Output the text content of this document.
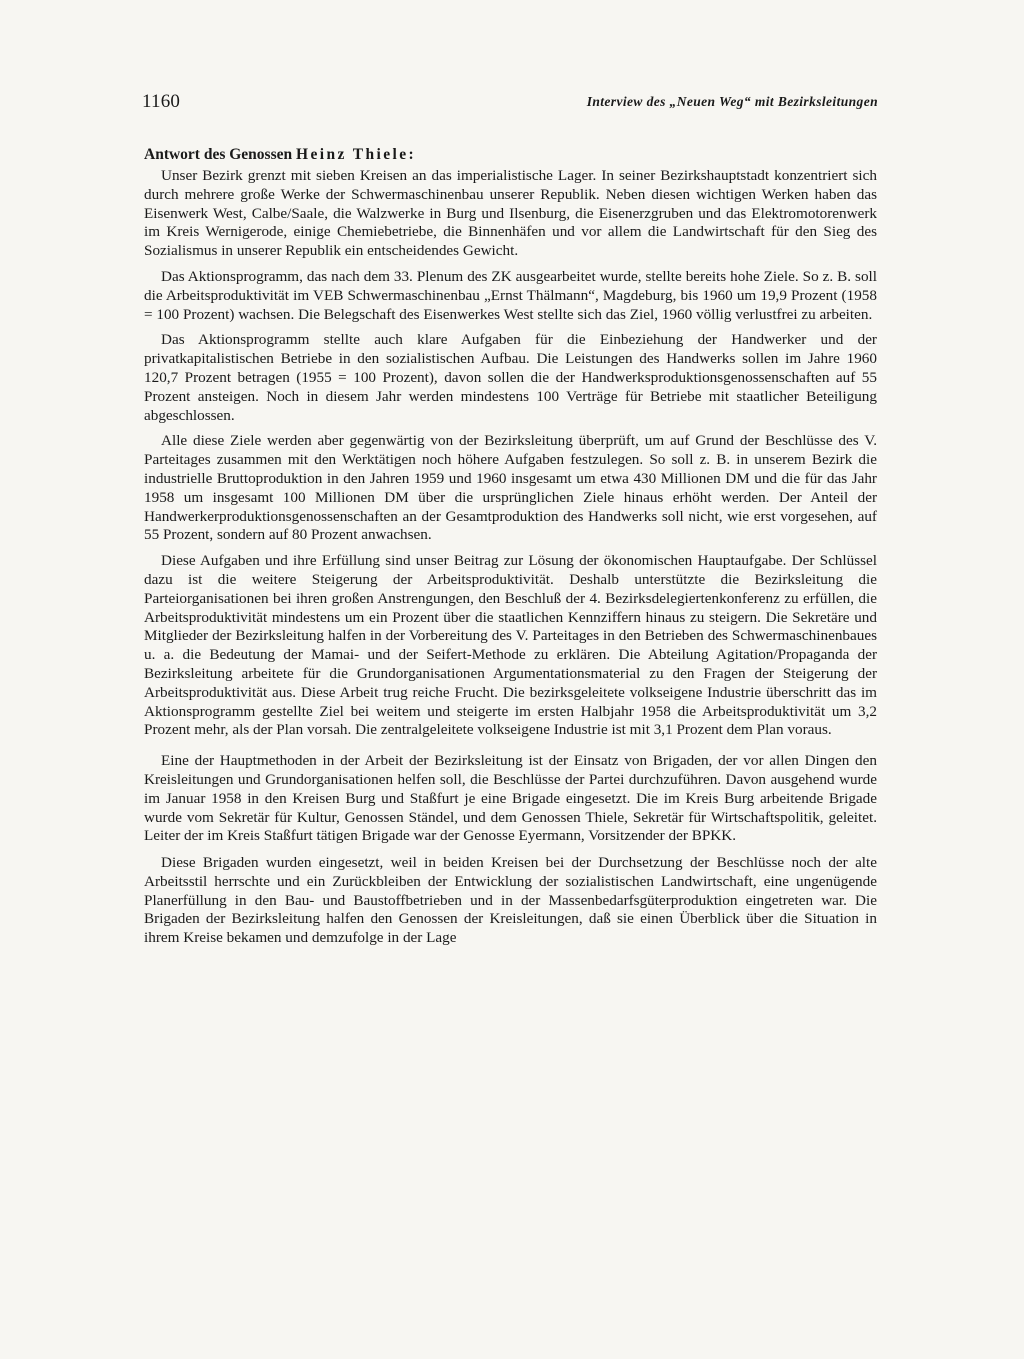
1160	Interview des „Neuen Weg“ mit Bezirksleitungen
Antwort des Genossen Heinz Thiele:

Unser Bezirk grenzt mit sieben Kreisen an das imperialistische Lager. In seiner Bezirkshauptstadt konzentriert sich durch mehrere große Werke der Schwermaschinenbau unserer Republik. Neben diesen wichtigen Werken haben das Eisenwerk West, Calbe/Saale, die Walzwerke in Burg und Ilsenburg, die Eisenerzgruben und das Elektromotorenwerk im Kreis Wernigerode, einige Chemiebetriebe, die Binnenhäfen und vor allem die Landwirtschaft für den Sieg des Sozialismus in unserer Republik ein entscheidendes Gewicht.

Das Aktionsprogramm, das nach dem 33. Plenum des ZK ausgearbeitet wurde, stellte bereits hohe Ziele. So z. B. soll die Arbeitsproduktivität im VEB Schwermaschinenbau „Ernst Thälmann“, Magdeburg, bis 1960 um 19,9 Prozent (1958 = 100 Prozent) wachsen. Die Belegschaft des Eisenwerkes West stellte sich das Ziel, 1960 völlig verlustfrei zu arbeiten.

Das Aktionsprogramm stellte auch klare Aufgaben für die Einbeziehung der Handwerker und der privatkapitalistischen Betriebe in den sozialistischen Aufbau. Die Leistungen des Handwerks sollen im Jahre 1960 120,7 Prozent betragen (1955 = 100 Prozent), davon sollen die der Handwerksproduktionsgenossenschaften auf 55 Prozent ansteigen. Noch in diesem Jahr werden mindestens 100 Verträge für Betriebe mit staatlicher Beteiligung abgeschlossen.

Alle diese Ziele werden aber gegenwärtig von der Bezirksleitung überprüft, um auf Grund der Beschlüsse des V. Parteitages zusammen mit den Werktätigen noch höhere Aufgaben festzulegen. So soll z. B. in unserem Bezirk die industrielle Bruttoproduktion in den Jahren 1959 und 1960 insgesamt um etwa 430 Millionen DM und die für das Jahr 1958 um insgesamt 100 Millionen DM über die ursprünglichen Ziele hinaus erhöht werden. Der Anteil der Handwerkerproduktionsgenossenschaften an der Gesamtproduktion des Handwerks soll nicht, wie erst vorgesehen, auf 55 Prozent, sondern auf 80 Prozent anwachsen.

Diese Aufgaben und ihre Erfüllung sind unser Beitrag zur Lösung der ökonomischen Hauptaufgabe. Der Schlüssel dazu ist die weitere Steigerung der Arbeitsproduktivität. Deshalb unterstützte die Bezirksleitung die Parteiorganisationen bei ihren großen Anstrengungen, den Beschluß der 4. Bezirksdelegiertenkonferenz zu erfüllen, die Arbeitsproduktivität mindestens um ein Prozent über die staatlichen Kennziffern hinaus zu steigern. Die Sekretäre und Mitglieder der Bezirksleitung halfen in der Vorbereitung des V. Parteitages in den Betrieben des Schwermaschinenbaues u. a. die Bedeutung der Mamai- und der Seifert-Methode zu erklären. Die Abteilung Agitation/Propaganda der Bezirksleitung arbeitete für die Grundorganisationen Argumentationsmaterial zu den Fragen der Steigerung der Arbeitsproduktivität aus. Diese Arbeit trug reiche Frucht. Die bezirksgeleitete volkseigene Industrie überschritt das im Aktionsprogramm gestellte Ziel bei weitem und steigerte im ersten Halbjahr 1958 die Arbeitsproduktivität um 3,2 Prozent mehr, als der Plan vorsah. Die zentralgeleitete volkseigene Industrie ist mit 3,1 Prozent dem Plan voraus.

Eine der Hauptmethoden in der Arbeit der Bezirksleitung ist der Einsatz von Brigaden, der vor allen Dingen den Kreisleitungen und Grundorganisationen helfen soll, die Beschlüsse der Partei durchzuführen. Davon ausgehend wurde im Januar 1958 in den Kreisen Burg und Staßfurt je eine Brigade eingesetzt. Die im Kreis Burg arbeitende Brigade wurde vom Sekretär für Kultur, Genossen Ständel, und dem Genossen Thiele, Sekretär für Wirtschaftspolitik, geleitet. Leiter der im Kreis Staßfurt tätigen Brigade war der Genosse Eyermann, Vorsitzender der BPKK.

Diese Brigaden wurden eingesetzt, weil in beiden Kreisen bei der Durchsetzung der Beschlüsse noch der alte Arbeitsstil herrschte und ein Zurückbleiben der Entwicklung der sozialistischen Landwirtschaft, eine ungenügende Planerfüllung in den Bau- und Baustoffbetrieben und in der Massenbedarfsgüterproduktion eingetreten war. Die Brigaden der Bezirksleitung halfen den Genossen der Kreisleitungen, daß sie einen Überblick über die Situation in ihrem Kreise bekamen und demzufolge in der Lage
